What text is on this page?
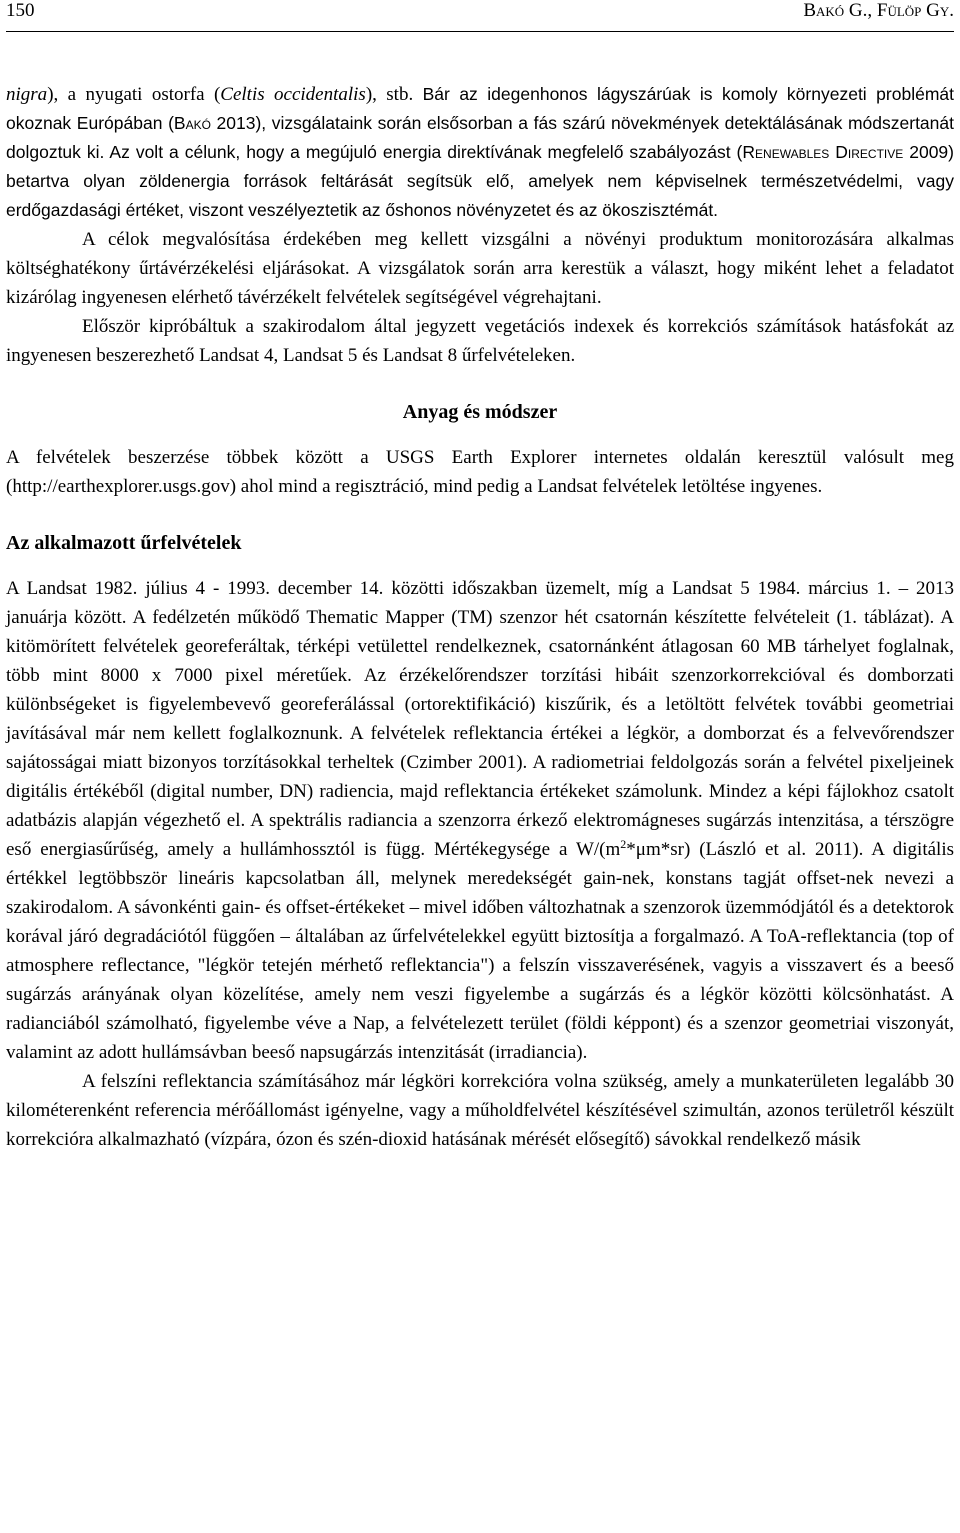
150	Bakó G., Fülöp Gy.

nigra), a nyugati ostorfa (Celtis occidentalis), stb. Bár az idegenhonos lágyszárúak is komoly környezeti problémát okoznak Európában (Bakó 2013), vizsgálataink során elsősorban a fás szárú növekmények detektálásának módszertanát dolgoztuk ki. Az volt a célunk, hogy a megújuló energia direktívának megfelelő szabályozást (Renewables Directive 2009) betartva olyan zöldenergia források feltárását segítsük elő, amelyek nem képviselnek természetvédelmi, vagy erdőgazdasági értéket, viszont veszélyeztetik az őshonos növényzetet és az ökoszisztémát.

A célok megvalósítása érdekében meg kellett vizsgálni a növényi produktum monitorozására alkalmas költséghatékony űrtávérzékelési eljárásokat. A vizsgálatok során arra kerestük a választ, hogy miként lehet a feladatot kizárólag ingyenesen elérhető távérzékelt felvételek segítségével végrehajtani.

Először kipróbáltuk a szakirodalom által jegyzett vegetációs indexek és korrekciós számítások hatásfokát az ingyenesen beszerezhető Landsat 4, Landsat 5 és Landsat 8 űrfelvételeken.

Anyag és módszer

A felvételek beszerzése többek között a USGS Earth Explorer internetes oldalán keresztül valósult meg (http://earthexplorer.usgs.gov) ahol mind a regisztráció, mind pedig a Landsat felvételek letöltése ingyenes.

Az alkalmazott űrfelvételek

A Landsat 1982. július 4 - 1993. december 14. közötti időszakban üzemelt, míg a Landsat 5 1984. március 1. – 2013 januárja között. A fedélzetén működő Thematic Mapper (TM) szenzor hét csatornán készítette felvételeit (1. táblázat). A kitömörített felvételek georeferáltak, térképi vetülettel rendelkeznek, csatornánként átlagosan 60 MB tárhelyet foglalnak, több mint 8000 x 7000 pixel méretűek. Az érzékelőrendszer torzítási hibáit szenzorkorrekcióval és domborzati különbségeket is figyelembevevő georeferálással (ortorektifikáció) kiszűrik, és a letöltött felvétek további geometriai javításával már nem kellett foglalkoznunk. A felvételek reflektancia értékei a légkör, a domborzat és a felvevőrendszer sajátosságai miatt bizonyos torzításokkal terheltek (Czimber 2001). A radiometriai feldolgozás során a felvétel pixeljeinek digitális értékéből (digital number, DN) radiencia, majd reflektancia értékeket számolunk. Mindez a képi fájlokhoz csatolt adatbázis alapján végezhető el. A spektrális radiancia a szenzorra érkező elektromágneses sugárzás intenzitása, a térszögre eső energiasűrűség, amely a hullámhossztól is függ. Mértékegysége a $W/(m^2*\mu m*sr)$ (László et al. 2011). A digitális értékkel legtöbbször lineáris kapcsolatban áll, melynek meredekségét gain-nek, konstans tagját offset-nek nevezi a szakirodalom. A sávonkénti gain- és offset-értékeket – mivel időben változhatnak a szenzorok üzemmódjától és a detektorok korával járó degradációtól függően – általában az űrfelvételekkel együtt biztosítja a forgalmazó. A ToA-reflektancia (top of atmosphere reflectance, "légkör tetején mérhető reflektancia") a felszín visszaverésének, vagyis a visszavert és a beeső sugárzás arányának olyan közelítése, amely nem veszi figyelembe a sugárzás és a légkör közötti kölcsönhatást. A radianciából számolható, figyelembe véve a Nap, a felvételezett terület (földi képpont) és a szenzor geometriai viszonyát, valamint az adott hullámsávban beeső napsugárzás intenzitását (irradiancia).

A felszíni reflektancia számításához már légköri korrekcióra volna szükség, amely a munkaterületen legalább 30 kilométerenként referencia mérőállomást igényelne, vagy a műholdfelvétel készítésével szimultán, azonos területről készült korrekcióra alkalmazható (vízpára, ózon és szén-dioxid hatásának mérését elősegítő) sávokkal rendelkező másik
